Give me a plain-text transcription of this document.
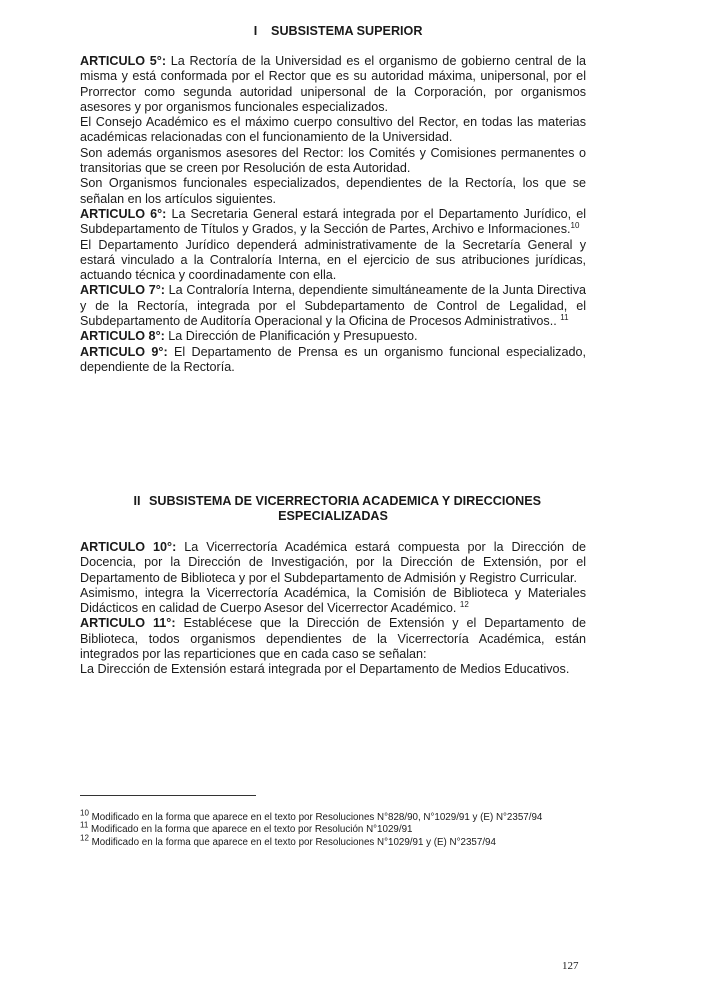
I SUBSISTEMA SUPERIOR

ARTICULO 5°: La Rectoría de la Universidad es el organismo de gobierno central de la misma y está conformada por el Rector que es su autoridad máxima, unipersonal, por el Prorrector como segunda autoridad unipersonal de la Corporación, por organismos asesores y por organismos funcionales especializados.

El Consejo Académico es el máximo cuerpo consultivo del Rector, en todas las materias académicas relacionadas con el funcionamiento de la Universidad.

Son además organismos asesores del Rector: los Comités y Comisiones permanentes o transitorias que se creen por Resolución de esta Autoridad.

Son Organismos funcionales especializados, dependientes de la Rectoría, los que se señalan en los artículos siguientes.

ARTICULO 6°: La Secretaria General estará integrada por el Departamento Jurídico, el Subdepartamento de Títulos y Grados, y la Sección de Partes, Archivo e Informaciones.$^{10}$

El Departamento Jurídico dependerá administrativamente de la Secretaría General y estará vinculado a la Contraloría Interna, en el ejercicio de sus atribuciones jurídicas, actuando técnica y coordinadamente con ella.

ARTICULO 7°: La Contraloría Interna, dependiente simultáneamente de la Junta Directiva y de la Rectoría, integrada por el Subdepartamento de Control de Legalidad, el Subdepartamento de Auditoría Operacional y la Oficina de Procesos Administrativos.. $^{11}$

ARTICULO 8°: La Dirección de Planificación y Presupuesto.

ARTICULO 9°: El Departamento de Prensa es un organismo funcional especializado, dependiente de la Rectoría.

II SUBSISTEMA DE VICERRECTORIA ACADEMICA Y DIRECCIONES
ESPECIALIZADAS

ARTICULO 10°: La Vicerrectoría Académica estará compuesta por la Dirección de Docencia, por la Dirección de Investigación, por la Dirección de Extensión, por el Departamento de Biblioteca y por el Subdepartamento de Admisión y Registro Curricular.

Asimismo, integra la Vicerrectoría Académica, la Comisión de Biblioteca y Materiales Didácticos en calidad de Cuerpo Asesor del Vicerrector Académico. $^{12}$

ARTICULO 11°: Establécese que la Dirección de Extensión y el Departamento de Biblioteca, todos organismos dependientes de la Vicerrectoría Académica, están integrados por las reparticiones que en cada caso se señalan:

La Dirección de Extensión estará integrada por el Departamento de Medios Educativos.

$^{10}$ Modificado en la forma que aparece en el texto por Resoluciones N°828/90, N°1029/91 y (E) N°2357/94

$^{11}$ Modificado en la forma que aparece en el texto por Resolución N°1029/91

$^{12}$ Modificado en la forma que aparece en el texto por Resoluciones N°1029/91 y (E) N°2357/94

127
